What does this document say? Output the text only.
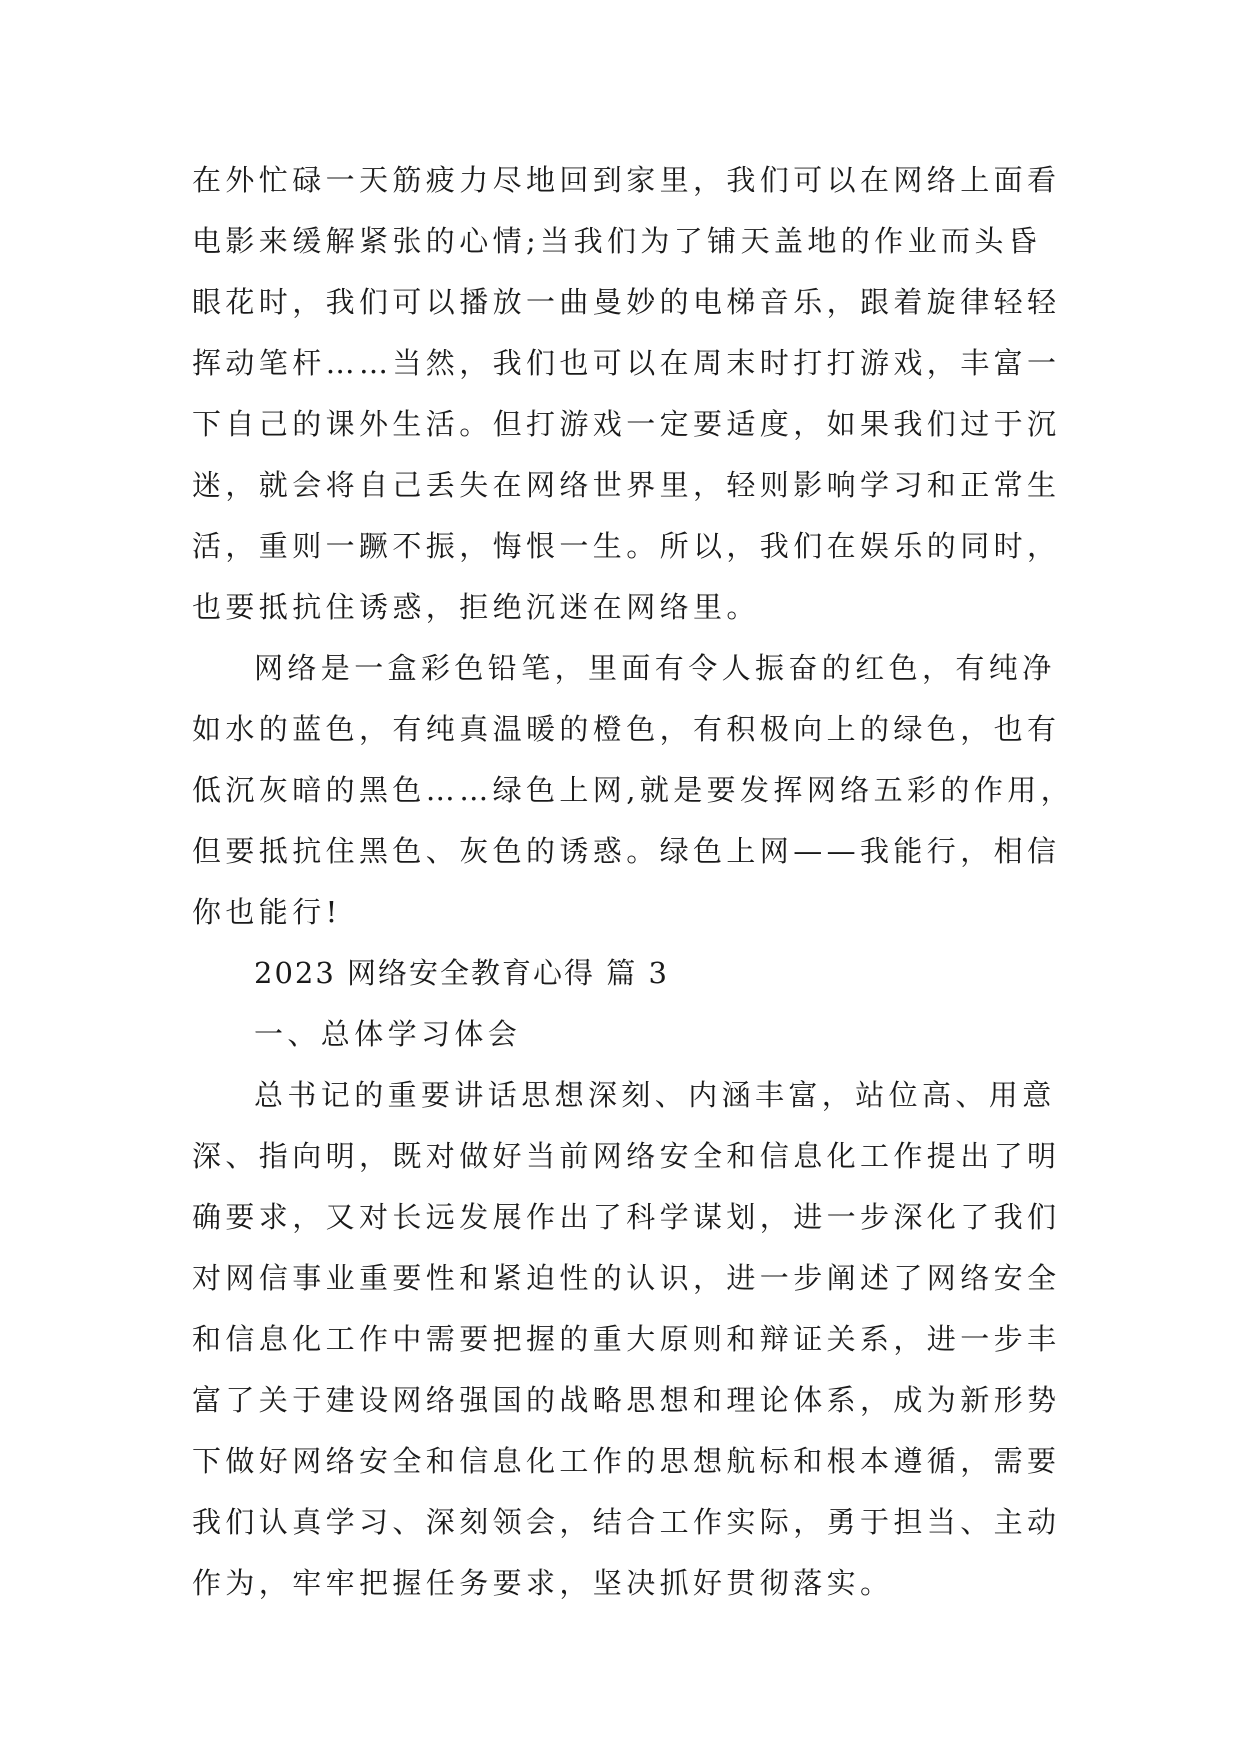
在外忙碌一天筋疲力尽地回到家里，我们可以在网络上面看
电影来缓解紧张的心情;当我们为了铺天盖地的作业而头昏
眼花时，我们可以播放一曲曼妙的电梯音乐，跟着旋律轻轻
挥动笔杆……当然，我们也可以在周末时打打游戏，丰富一
下自己的课外生活。但打游戏一定要适度，如果我们过于沉
迷，就会将自己丢失在网络世界里，轻则影响学习和正常生
活，重则一蹶不振，悔恨一生。所以，我们在娱乐的同时，
也要抵抗住诱惑，拒绝沉迷在网络里。
网络是一盒彩色铅笔，里面有令人振奋的红色，有纯净
如水的蓝色，有纯真温暖的橙色，有积极向上的绿色，也有
低沉灰暗的黑色……绿色上网,就是要发挥网络五彩的作用，
但要抵抗住黑色、灰色的诱惑。绿色上网——我能行，相信
你也能行!
2023 网络安全教育心得 篇 3
一、总体学习体会
总书记的重要讲话思想深刻、内涵丰富，站位高、用意
深、指向明，既对做好当前网络安全和信息化工作提出了明
确要求，又对长远发展作出了科学谋划，进一步深化了我们
对网信事业重要性和紧迫性的认识，进一步阐述了网络安全
和信息化工作中需要把握的重大原则和辩证关系，进一步丰
富了关于建设网络强国的战略思想和理论体系，成为新形势
下做好网络安全和信息化工作的思想航标和根本遵循，需要
我们认真学习、深刻领会，结合工作实际，勇于担当、主动
作为，牢牢把握任务要求，坚决抓好贯彻落实。
